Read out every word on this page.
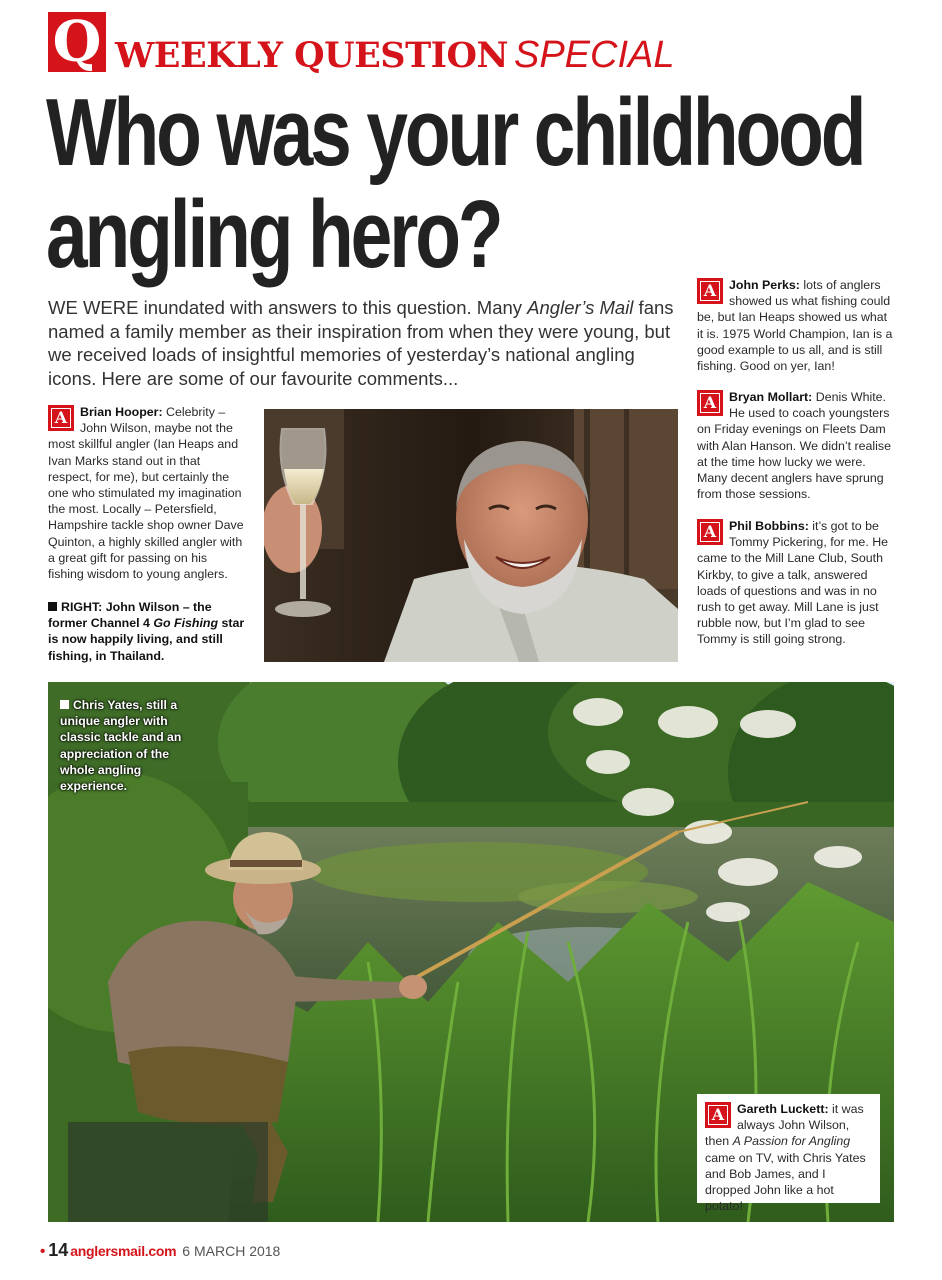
Q WEEKLY QUESTION SPECIAL
Who was your childhood
angling hero?

WE WERE inundated with answers to this question. Many Angler’s Mail fans named a family member as their inspiration from when they were young, but we received loads of insightful memories of yesterday’s national angling icons. Here are some of our favourite comments...

A	Brian Hooper: Celebrity – John Wilson, maybe not the most skillful angler (Ian Heaps and Ivan Marks stand out in that respect, for me), but certainly the one who stimulated my imagination the most. Locally – Petersfield, Hampshire tackle shop owner Dave Quinton, a highly skilled angler with a great gift for passing on his fishing wisdom to young anglers.
RIGHT: John Wilson – the former Channel 4 Go Fishing star is now happily living, and still fishing, in Thailand.
A	John Perks: lots of anglers showed us what fishing could be, but Ian Heaps showed us what it is. 1975 World Champion, Ian is a good example to us all, and is still fishing. Good on yer, Ian!
A	Bryan Mollart: Denis White. He used to coach youngsters on Friday evenings on Fleets Dam with Alan Hanson. We didn’t realise at the time how lucky we were. Many decent anglers have sprung from those sessions.
A	Phil Bobbins: it’s got to be Tommy Pickering, for me. He came to the Mill Lane Club, South Kirkby, to give a talk, answered loads of questions and was in no rush to get away. Mill Lane is just rubble now, but I’m glad to see Tommy is still going strong.
Chris Yates, still a unique angler with classic tackle and an appreciation of the whole angling experience.
A	Gareth Luckett: it was always John Wilson, then A Passion for Angling came on TV, with Chris Yates and Bob James, and I dropped John like a hot potato!
• 14 anglersmail.com 6 MARCH 2018
